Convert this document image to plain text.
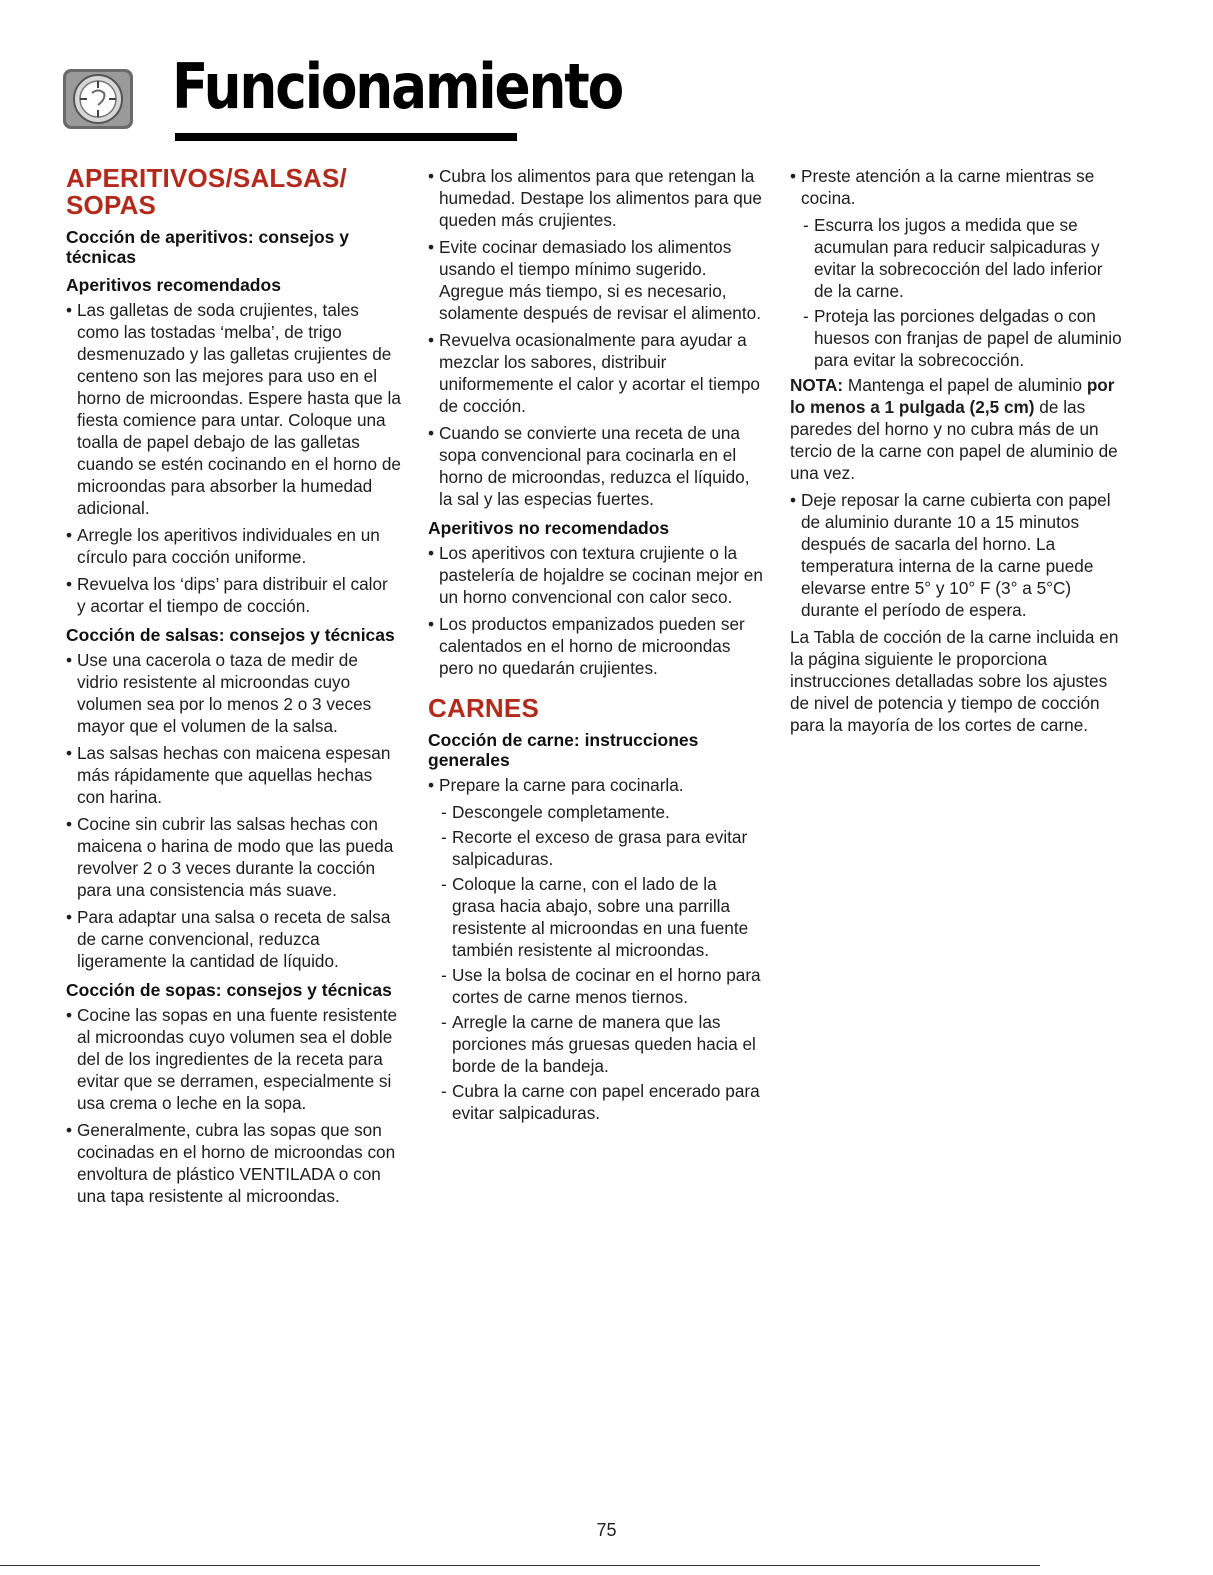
Funcionamiento
APERITIVOS/SALSAS/ SOPAS
Cocción de aperitivos: consejos y técnicas
Aperitivos recomendados
• Las galletas de soda crujientes, tales como las tostadas ‘melba’, de trigo desmenuzado y las galletas crujientes de centeno son las mejores para uso en el horno de microondas. Espere hasta que la fiesta comience para untar. Coloque una toalla de papel debajo de las galletas cuando se estén cocinando en el horno de microondas para absorber la humedad adicional.
• Arregle los aperitivos individuales en un círculo para cocción uniforme.
• Revuelva los ‘dips’ para distribuir el calor y acortar el tiempo de cocción.
Cocción de salsas: consejos y técnicas
• Use una cacerola o taza de medir de vidrio resistente al microondas cuyo volumen sea por lo menos 2 o 3 veces mayor que el volumen de la salsa.
• Las salsas hechas con maicena espesan más rápidamente que aquellas hechas con harina.
• Cocine sin cubrir las salsas hechas con maicena o harina de modo que las pueda revolver 2 o 3 veces durante la cocción para una consistencia más suave.
• Para adaptar una salsa o receta de salsa de carne convencional, reduzca ligeramente la cantidad de líquido.
Cocción de sopas: consejos y técnicas
• Cocine las sopas en una fuente resistente al microondas cuyo volumen sea el doble del de los ingredientes de la receta para evitar que se derramen, especialmente si usa crema o leche en la sopa.
• Generalmente, cubra las sopas que son cocinadas en el horno de microondas con envoltura de plástico VENTILADA o con una tapa resistente al microondas.
• Cubra los alimentos para que retengan la humedad. Destape los alimentos para que queden más crujientes.
• Evite cocinar demasiado los alimentos usando el tiempo mínimo sugerido. Agregue más tiempo, si es necesario, solamente después de revisar el alimento.
• Revuelva ocasionalmente para ayudar a mezclar los sabores, distribuir uniformemente el calor y acortar el tiempo de cocción.
• Cuando se convierte una receta de una sopa convencional para cocinarla en el horno de microondas, reduzca el líquido, la sal y las especias fuertes.
Aperitivos no recomendados
• Los aperitivos con textura crujiente o la pastelería de hojaldre se cocinan mejor en un horno convencional con calor seco.
• Los productos empanizados pueden ser calentados en el horno de microondas pero no quedarán crujientes.
CARNES
Cocción de carne: instrucciones generales
• Prepare la carne para cocinarla.
- Descongele completamente.
- Recorte el exceso de grasa para evitar salpicaduras.
- Coloque la carne, con el lado de la grasa hacia abajo, sobre una parrilla resistente al microondas en una fuente también resistente al microondas.
- Use la bolsa de cocinar en el horno para cortes de carne menos tiernos.
- Arregle la carne de manera que las porciones más gruesas queden hacia el borde de la bandeja.
- Cubra la carne con papel encerado para evitar salpicaduras.
• Preste atención a la carne mientras se cocina.
- Escurra los jugos a medida que se acumulan para reducir salpicaduras y evitar la sobrecocción del lado inferior de la carne.
- Proteja las porciones delgadas o con huesos con franjas de papel de aluminio para evitar la sobrecocción.

NOTA: Mantenga el papel de aluminio por lo menos a 1 pulgada (2,5 cm) de las paredes del horno y no cubra más de un tercio de la carne con papel de aluminio de una vez.

• Deje reposar la carne cubierta con papel de aluminio durante 10 a 15 minutos después de sacarla del horno. La temperatura interna de la carne puede elevarse entre 5° y 10° F (3° a 5°C) durante el período de espera.

La Tabla de cocción de la carne incluida en la página siguiente le proporciona instrucciones detalladas sobre los ajustes de nivel de potencia y tiempo de cocción para la mayoría de los cortes de carne.

75
